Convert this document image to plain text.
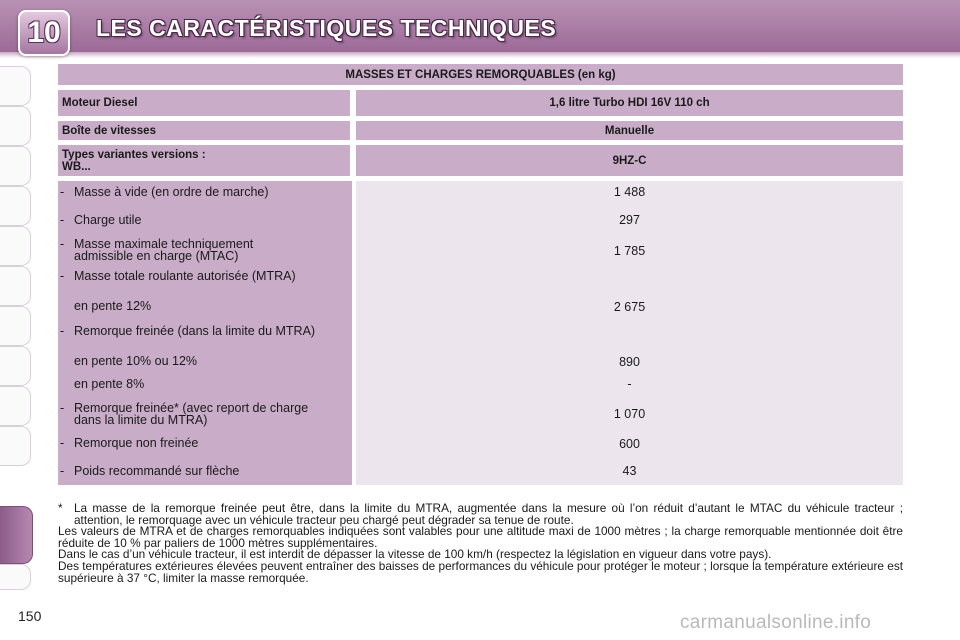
10	LES CARACTÉRISTIQUES TECHNIQUES
MASSES ET CHARGES REMORQUABLES (en kg)
Moteur Diesel	1,6 litre Turbo HDI 16V 110 ch
Boîte de vitesses	Manuelle
Types variantes versions :
WB...	9HZ-C
- Masse à vide (en ordre de marche)	1 488
- Charge utile	297
- Masse maximale techniquement admissible en charge (MTAC)	1 785
- Masse totale roulante autorisée (MTRA)
en pente 12%	2 675
- Remorque freinée (dans la limite du MTRA)
en pente 10% ou 12%	890
en pente 8%	-
- Remorque freinée* (avec report de charge dans la limite du MTRA)	1 070
- Remorque non freinée	600
- Poids recommandé sur flèche	43

* La masse de la remorque freinée peut être, dans la limite du MTRA, augmentée dans la mesure où l’on réduit d’autant le MTAC du véhicule tracteur ; attention, le remorquage avec un véhicule tracteur peu chargé peut dégrader sa tenue de route.

Les valeurs de MTRA et de charges remorquables indiquées sont valables pour une altitude maxi de 1000 mètres ; la charge remorquable mentionnée doit être réduite de 10 % par paliers de 1000 mètres supplémentaires.

Dans le cas d’un véhicule tracteur, il est interdit de dépasser la vitesse de 100 km/h (respectez la législation en vigueur dans votre pays).

Des températures extérieures élevées peuvent entraîner des baisses de performances du véhicule pour protéger le moteur ; lorsque la température extérieure est supérieure à 37 °C, limiter la masse remorquée.

150	carmanualsonline.info
